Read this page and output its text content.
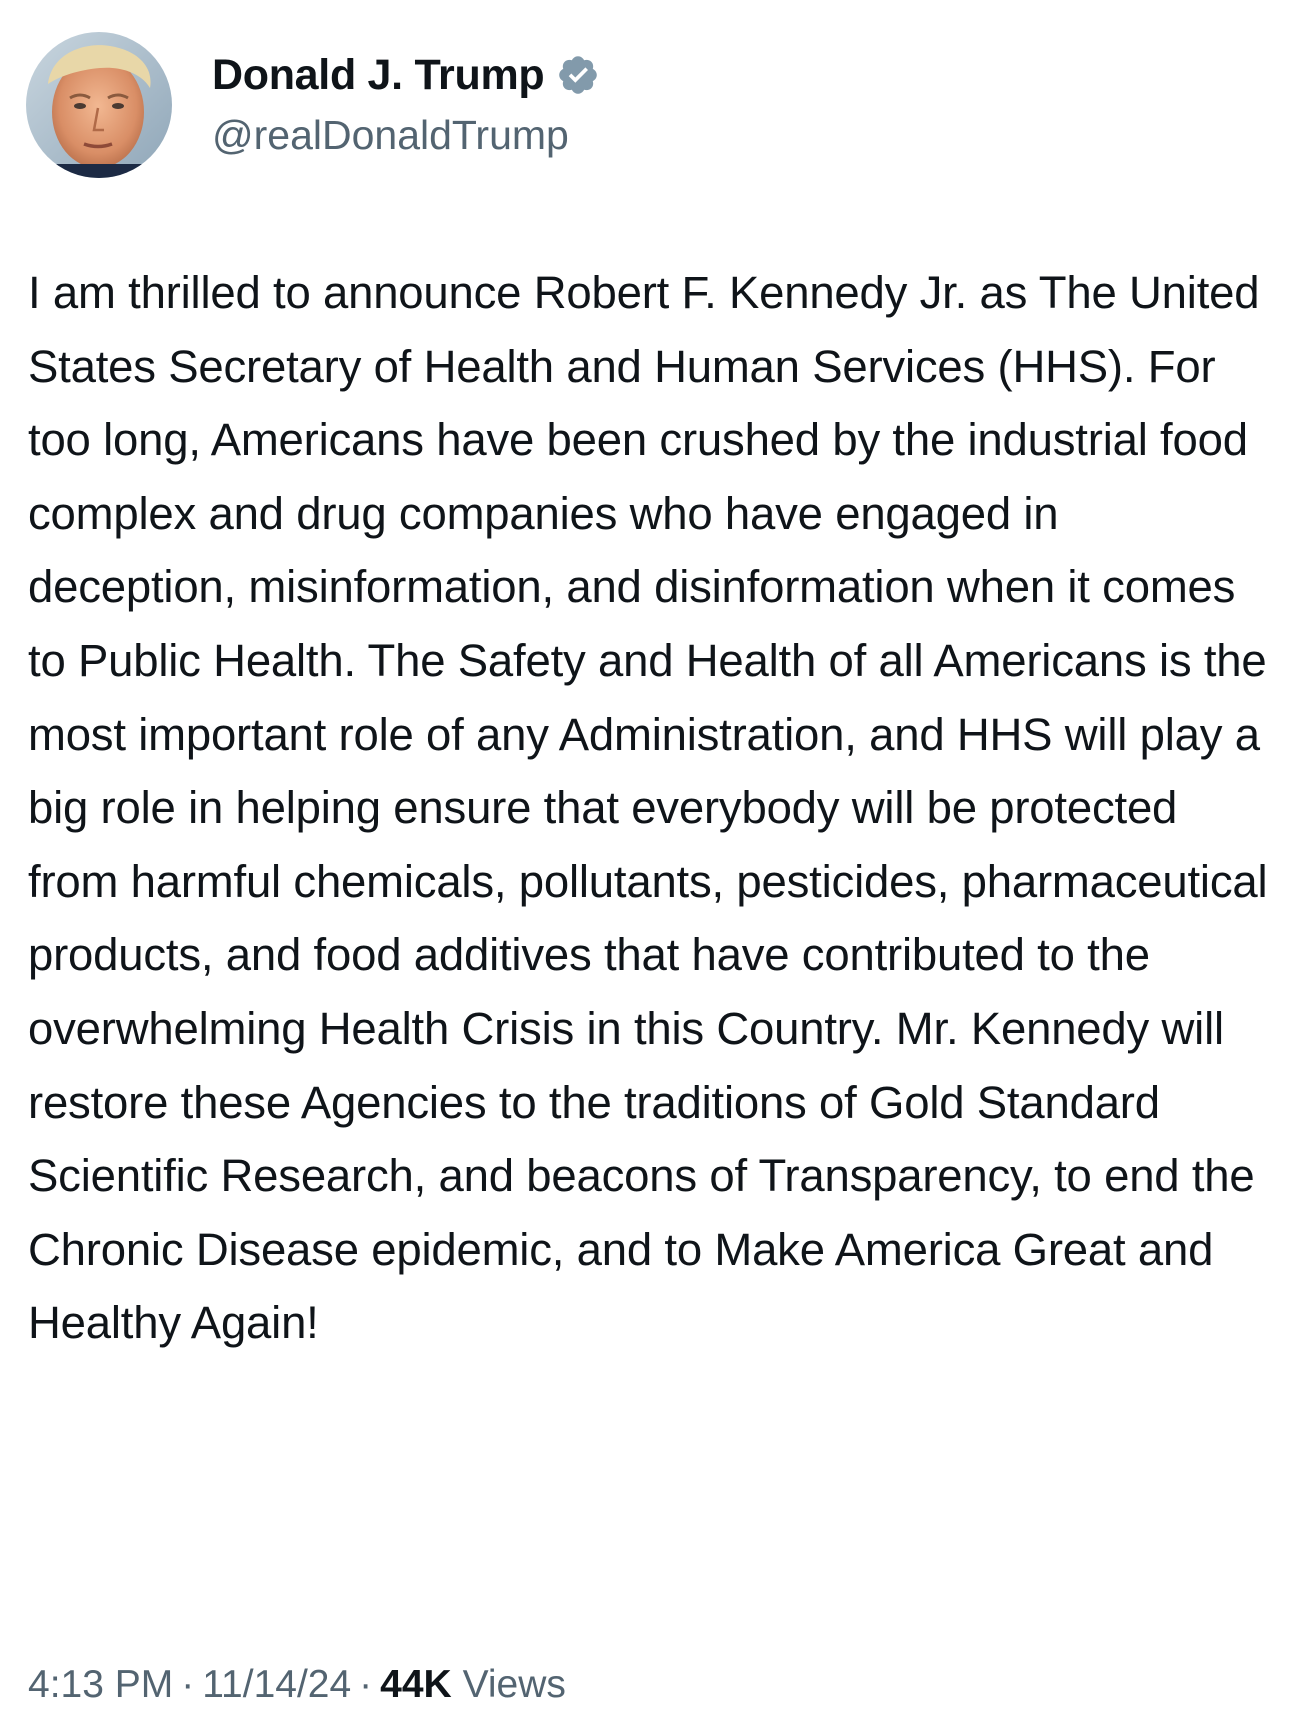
Donald J. Trump
@realDonaldTrump
I am thrilled to announce Robert F. Kennedy Jr. as The United States Secretary of Health and Human Services (HHS). For too long, Americans have been crushed by the industrial food complex and drug companies who have engaged in deception, misinformation, and disinformation when it comes to Public Health. The Safety and Health of all Americans is the most important role of any Administration, and HHS will play a big role in helping ensure that everybody will be protected from harmful chemicals, pollutants, pesticides, pharmaceutical products, and food additives that have contributed to the overwhelming Health Crisis in this Country. Mr. Kennedy will restore these Agencies to the traditions of Gold Standard Scientific Research, and beacons of Transparency, to end the Chronic Disease epidemic, and to Make America Great and Healthy Again!
4:13 PM · 11/14/24 · 44K Views
